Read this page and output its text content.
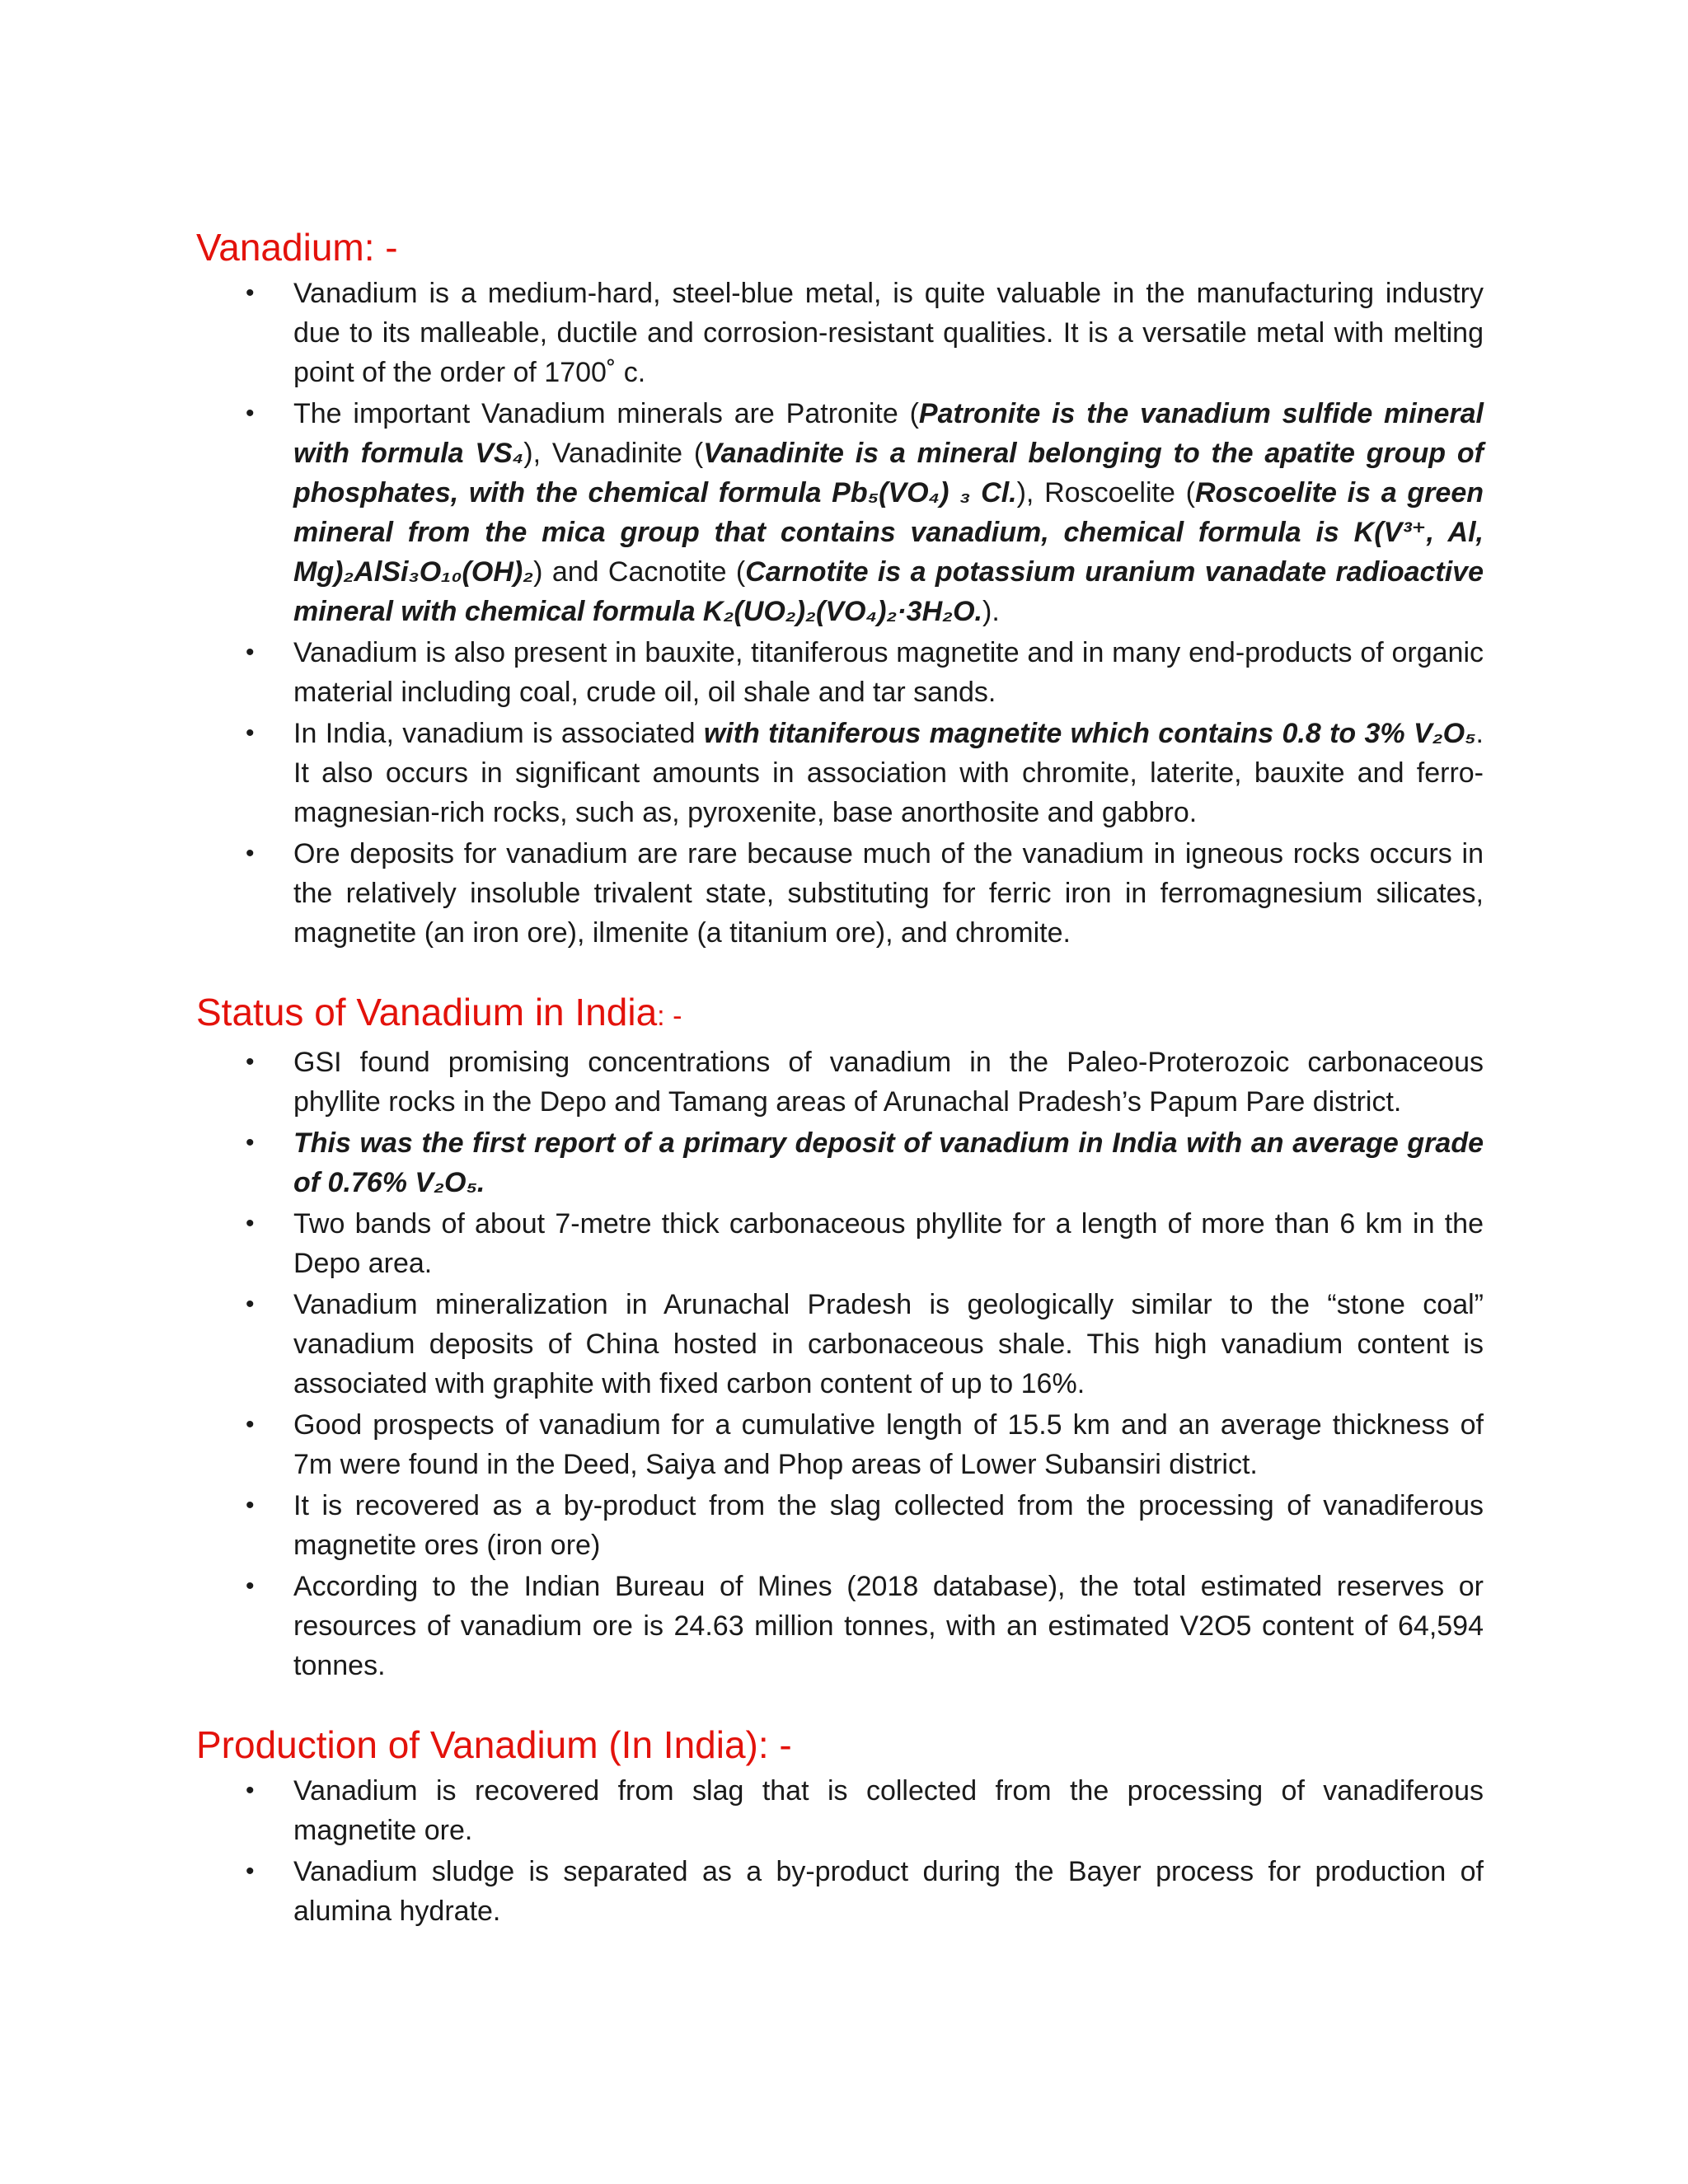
Vanadium: -
• Vanadium is a medium-hard, steel-blue metal, is quite valuable in the manufacturing industry due to its malleable, ductile and corrosion-resistant qualities. It is a versatile metal with melting point of the order of 1700˚ c.
• The important Vanadium minerals are Patronite (Patronite is the vanadium sulfide mineral with formula VS₄), Vanadinite (Vanadinite is a mineral belonging to the apatite group of phosphates, with the chemical formula Pb₅(VO₄) ₃ Cl.), Roscoelite (Roscoelite is a green mineral from the mica group that contains vanadium, chemical formula is K(V³⁺, Al, Mg)₂AlSi₃O₁₀(OH)₂) and Cacnotite (Carnotite is a potassium uranium vanadate radioactive mineral with chemical formula K₂(UO₂)₂(VO₄)₂·3H₂O.).
• Vanadium is also present in bauxite, titaniferous magnetite and in many end-products of organic material including coal, crude oil, oil shale and tar sands.
• In India, vanadium is associated with titaniferous magnetite which contains 0.8 to 3% V₂O₅. It also occurs in significant amounts in association with chromite, laterite, bauxite and ferro-magnesian-rich rocks, such as, pyroxenite, base anorthosite and gabbro.
• Ore deposits for vanadium are rare because much of the vanadium in igneous rocks occurs in the relatively insoluble trivalent state, substituting for ferric iron in ferromagnesium silicates, magnetite (an iron ore), ilmenite (a titanium ore), and chromite.
Status of Vanadium in India: -
• GSI found promising concentrations of vanadium in the Paleo-Proterozoic carbonaceous phyllite rocks in the Depo and Tamang areas of Arunachal Pradesh’s Papum Pare district.
• This was the first report of a primary deposit of vanadium in India with an average grade of 0.76% V₂O₅.
• Two bands of about 7-metre thick carbonaceous phyllite for a length of more than 6 km in the Depo area.
• Vanadium mineralization in Arunachal Pradesh is geologically similar to the “stone coal” vanadium deposits of China hosted in carbonaceous shale. This high vanadium content is associated with graphite with fixed carbon content of up to 16%.
• Good prospects of vanadium for a cumulative length of 15.5 km and an average thickness of 7m were found in the Deed, Saiya and Phop areas of Lower Subansiri district.
• It is recovered as a by-product from the slag collected from the processing of vanadiferous magnetite ores (iron ore)
• According to the Indian Bureau of Mines (2018 database), the total estimated reserves or resources of vanadium ore is 24.63 million tonnes, with an estimated V2O5 content of 64,594 tonnes.
Production of Vanadium (In India): -
• Vanadium is recovered from slag that is collected from the processing of vanadiferous magnetite ore.
• Vanadium sludge is separated as a by-product during the Bayer process for production of alumina hydrate.
